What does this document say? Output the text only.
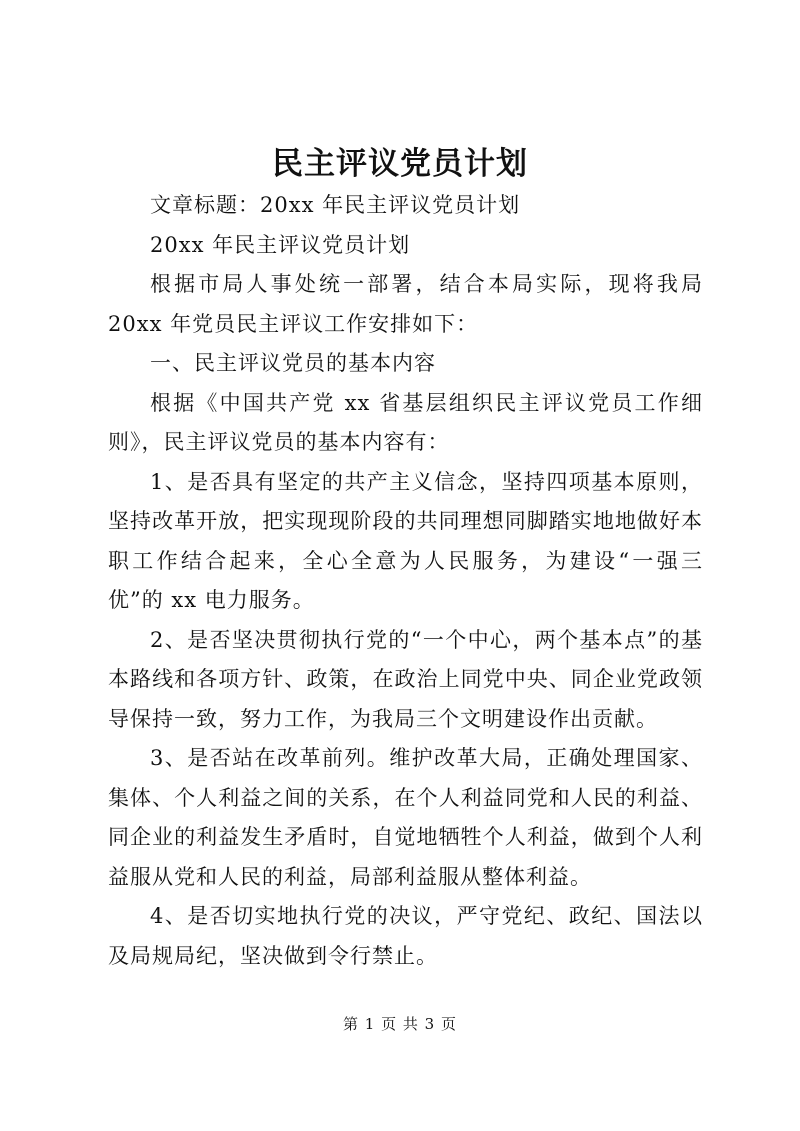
民主评议党员计划

文章标题：20xx 年民主评议党员计划

20xx 年民主评议党员计划

根据市局人事处统一部署，结合本局实际，现将我局 20xx 年党员民主评议工作安排如下：

一、民主评议党员的基本内容

根据《中国共产党 xx 省基层组织民主评议党员工作细则》，民主评议党员的基本内容有：

1、是否具有坚定的共产主义信念，坚持四项基本原则，坚持改革开放，把实现现阶段的共同理想同脚踏实地地做好本职工作结合起来，全心全意为人民服务，为建设“一强三优”的 xx 电力服务。

2、是否坚决贯彻执行党的“一个中心，两个基本点”的基本路线和各项方针、政策，在政治上同党中央、同企业党政领导保持一致，努力工作，为我局三个文明建设作出贡献。

3、是否站在改革前列。维护改革大局，正确处理国家、集体、个人利益之间的关系，在个人利益同党和人民的利益、同企业的利益发生矛盾时，自觉地牺牲个人利益，做到个人利益服从党和人民的利益，局部利益服从整体利益。

4、是否切实地执行党的决议，严守党纪、政纪、国法以及局规局纪，坚决做到令行禁止。

第 1 页 共 3 页
